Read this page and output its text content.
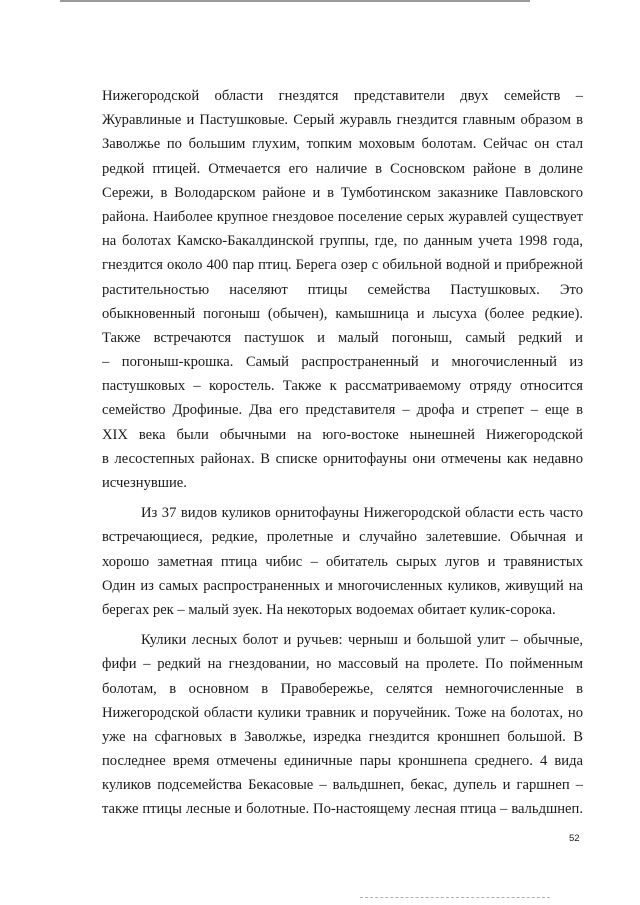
Нижегородской области гнездятся представители двух семейств –
Журавлиные и Пастушковые. Серый журавль гнездится главным образом в
Заволжье по большим глухим, топким моховым болотам. Сейчас он стал
редкой птицей. Отмечается его наличие в Сосновском районе в долине
Сережи, в Володарском районе и в Тумботинском заказнике Павловского
района. Наиболее крупное гнездовое поселение серых журавлей существует
на болотах Камско-Бакалдинской группы, где, по данным учета 1998 года,
гнездится около 400 пар птиц. Берега озер с обильной водной и прибрежной
растительностью населяют птицы семейства Пастушковых. Это
обыкновенный погоныш (обычен), камышница и лысуха (более редкие).
Также встречаются пастушок и малый погоныш, самый редкий и
– погоныш-крошка. Самый распространенный и многочисленный из
пастушковых – коростель. Также к рассматриваемому отряду относится
семейство Дрофиные. Два его представителя – дрофа и стрепет – еще в
XIX века были обычными на юго-востоке нынешней Нижегородской
в лесостепных районах. В списке орнитофауны они отмечены как недавно
исчезнувшие.
Из 37 видов куликов орнитофауны Нижегородской области есть часто
встречающиеся, редкие, пролетные и случайно залетевшие. Обычная и
хорошо заметная птица чибис – обитатель сырых лугов и травянистых
Один из самых распространенных и многочисленных куликов, живущий на
берегах рек – малый зуек. На некоторых водоемах обитает кулик-сорока.
Кулики лесных болот и ручьев: черныш и большой улит – обычные,
фифи – редкий на гнездовании, но массовый на пролете. По пойменным
болотам, в основном в Правобережье, селятся немногочисленные в
Нижегородской области кулики травник и поручейник. Тоже на болотах, но
уже на сфагновых в Заволжье, изредка гнездится кроншнеп большой. В
последнее время отмечены единичные пары кроншнепа среднего. 4 вида
куликов подсемейства Бекасовые – вальдшнеп, бекас, дупель и гаршнеп –
также птицы лесные и болотные. По-настоящему лесная птица – вальдшнеп.
52
